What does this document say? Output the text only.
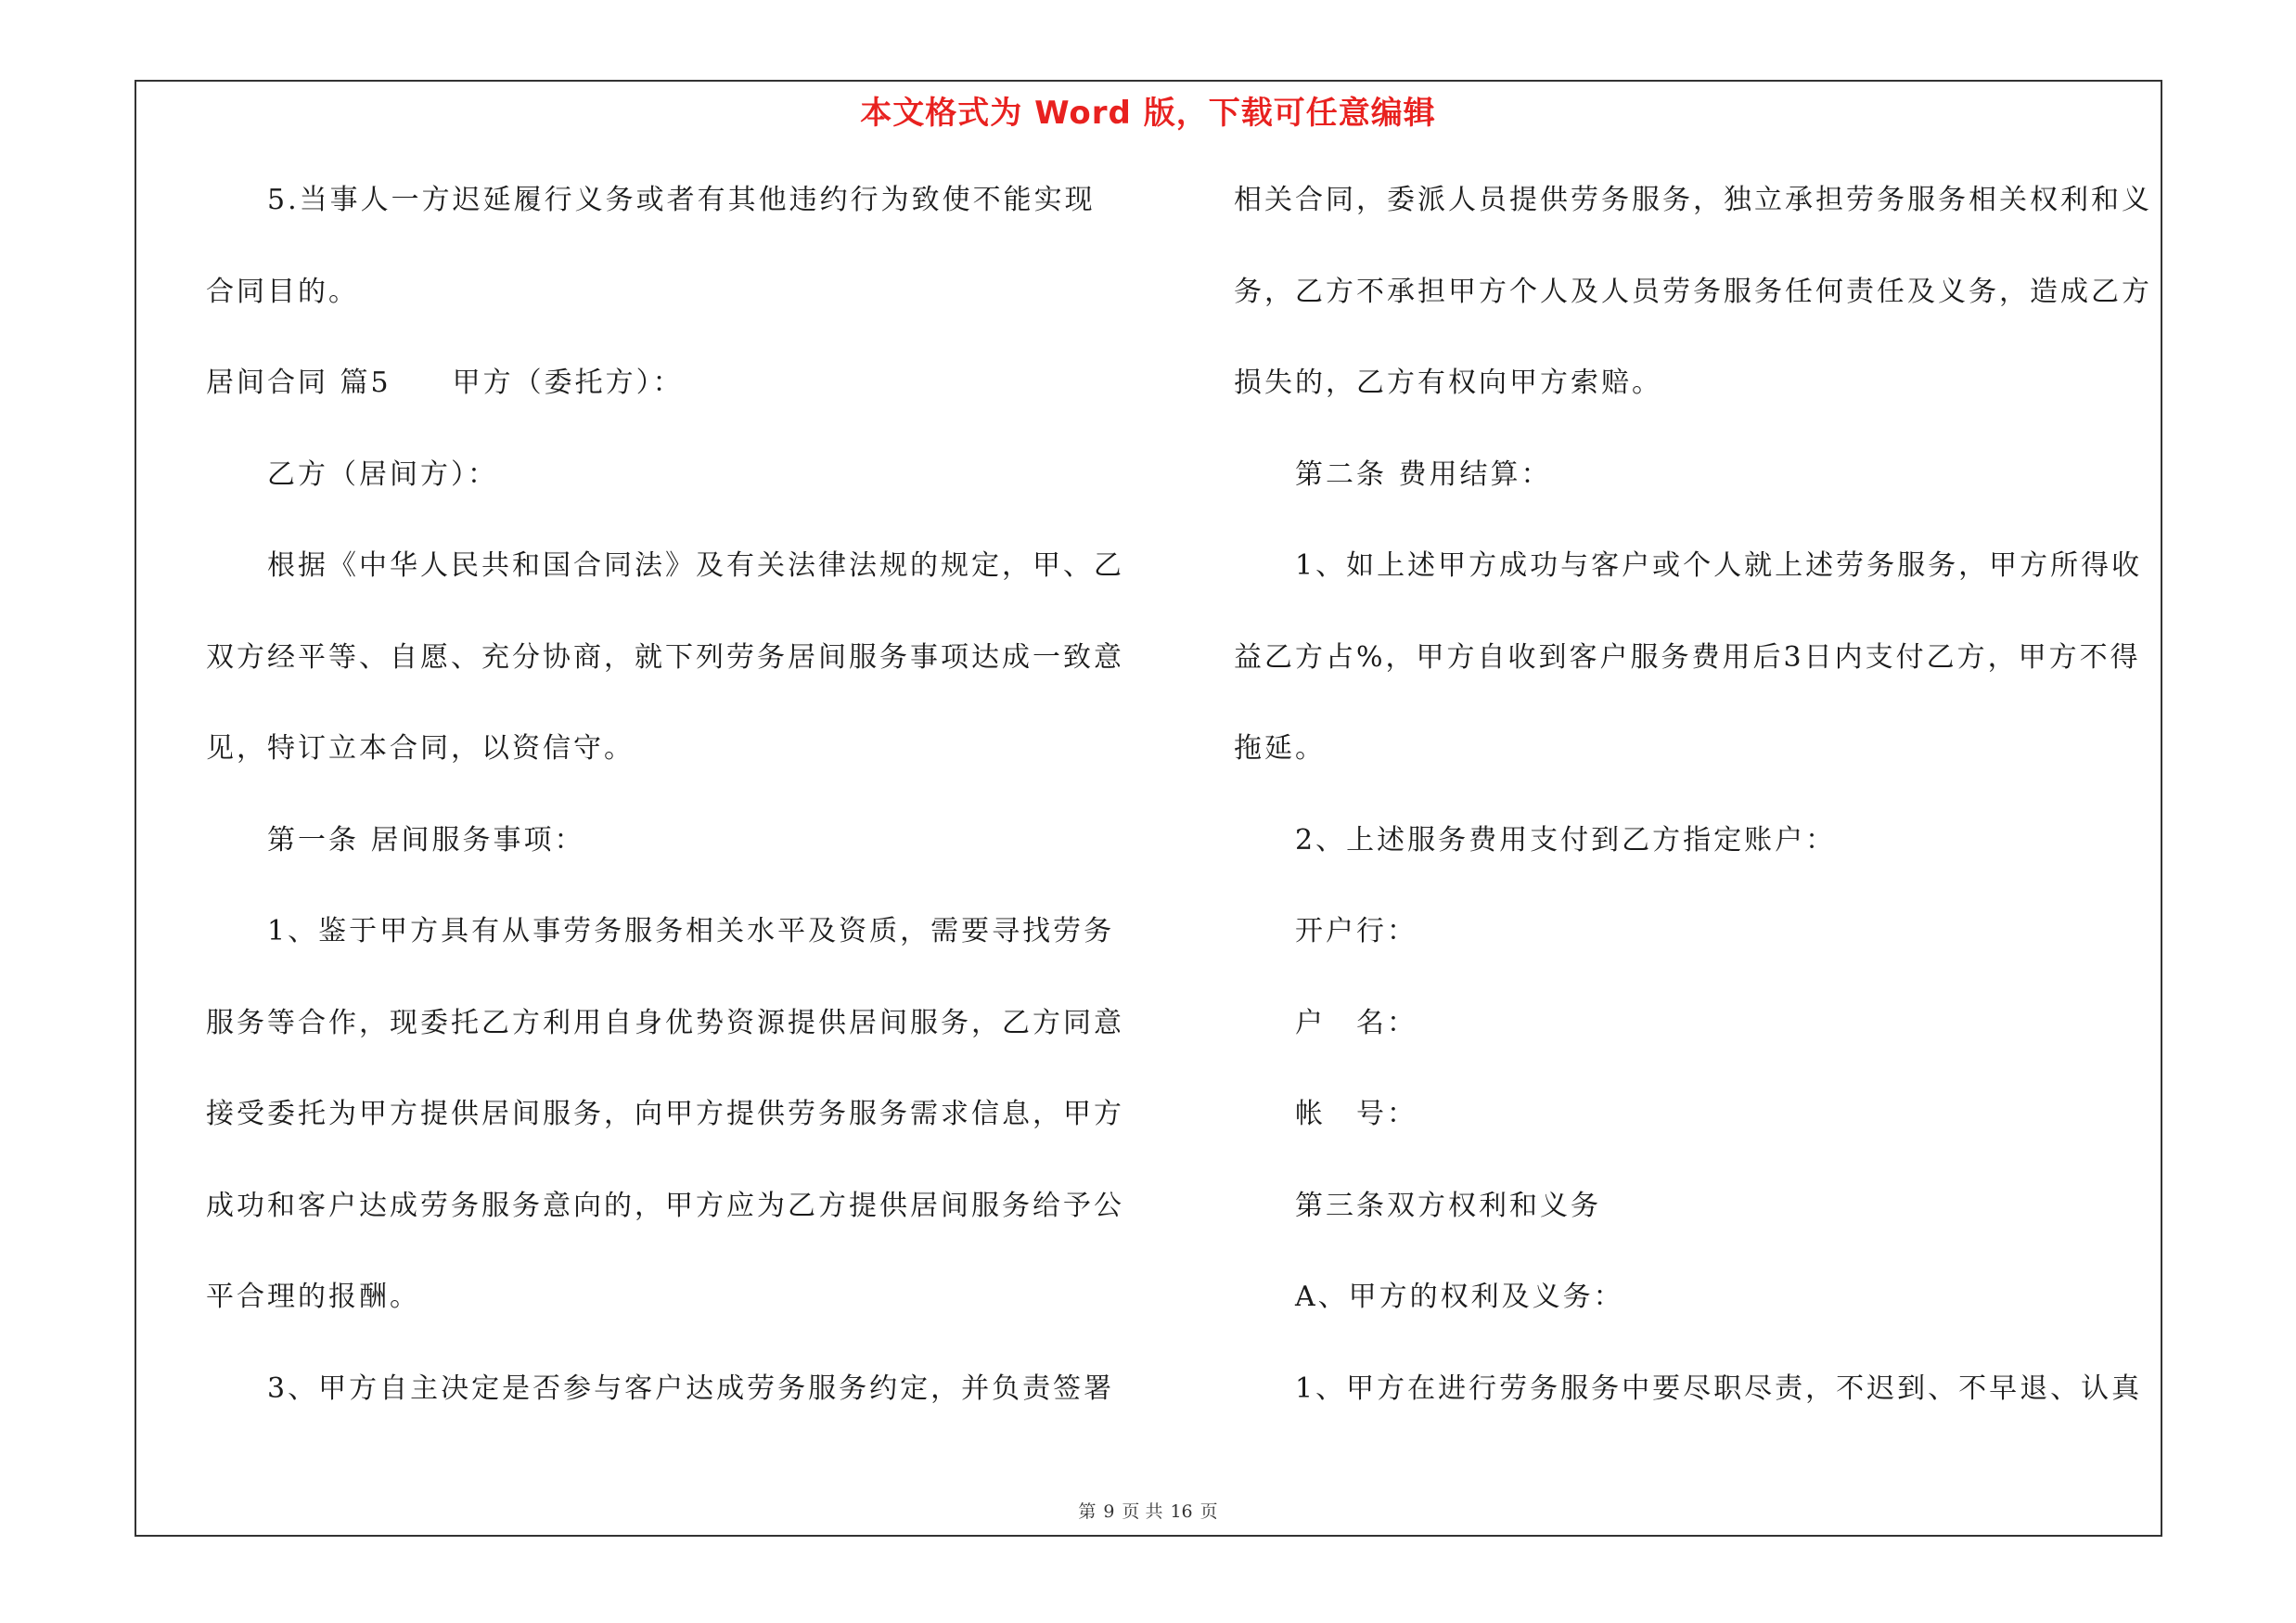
本文格式为 Word 版，下载可任意编辑
5.当事人一方迟延履行义务或者有其他违约行为致使不能实现
合同目的。
居间合同 篇5　　甲方（委托方）：
乙方（居间方）：
根据《中华人民共和国合同法》及有关法律法规的规定，甲、乙
双方经平等、自愿、充分协商，就下列劳务居间服务事项达成一致意
见，特订立本合同，以资信守。
第一条 居间服务事项：
1、鉴于甲方具有从事劳务服务相关水平及资质，需要寻找劳务
服务等合作，现委托乙方利用自身优势资源提供居间服务，乙方同意
接受委托为甲方提供居间服务，向甲方提供劳务服务需求信息，甲方
成功和客户达成劳务服务意向的，甲方应为乙方提供居间服务给予公
平合理的报酬。
3、甲方自主决定是否参与客户达成劳务服务约定，并负责签署
相关合同，委派人员提供劳务服务，独立承担劳务服务相关权利和义
务，乙方不承担甲方个人及人员劳务服务任何责任及义务，造成乙方
损失的，乙方有权向甲方索赔。
第二条 费用结算：
1、如上述甲方成功与客户或个人就上述劳务服务，甲方所得收
益乙方占%，甲方自收到客户服务费用后3日内支付乙方，甲方不得
拖延。
2、上述服务费用支付到乙方指定账户：
开户行：
户　名：
帐　号：
第三条双方权利和义务
A、甲方的权利及义务：
1、甲方在进行劳务服务中要尽职尽责，不迟到、不早退、认真
第 9 页 共 16 页
